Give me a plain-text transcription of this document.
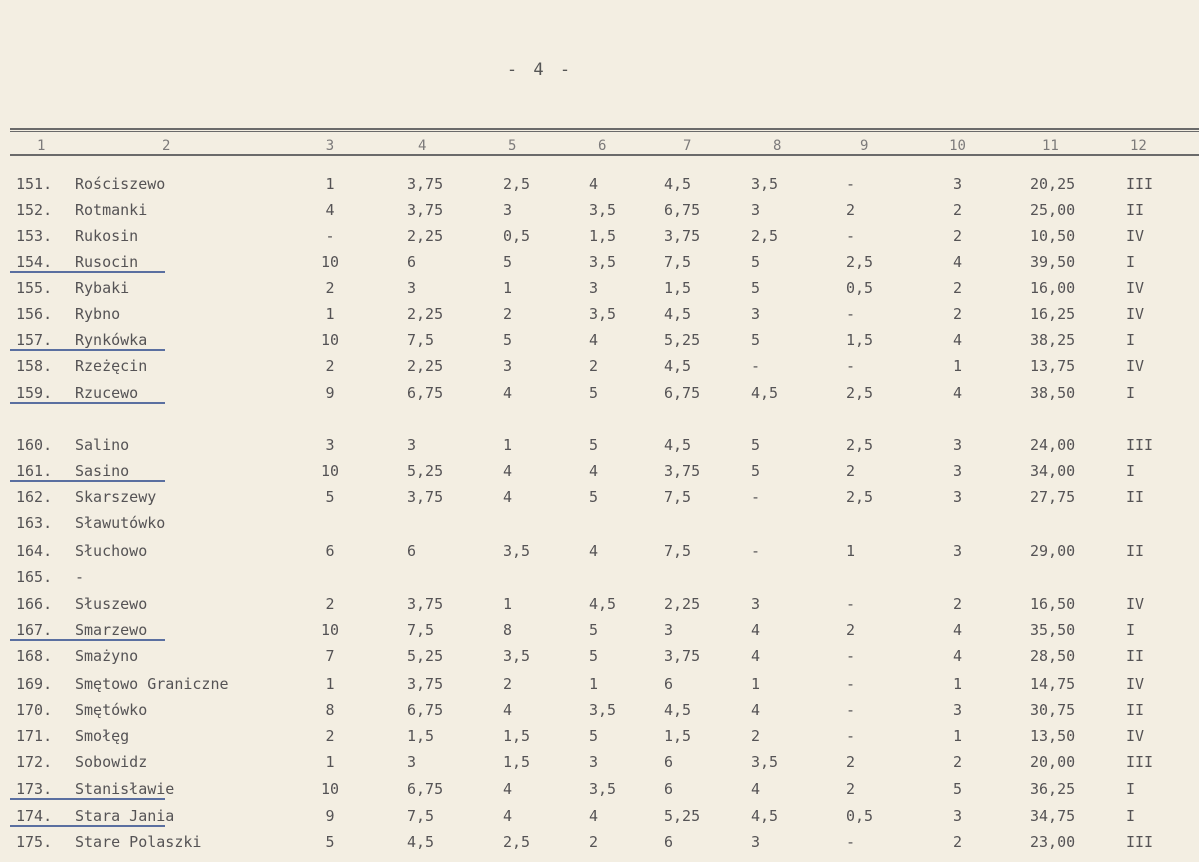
- 4 -
1	2	3	4	5	6	7	8	9	10	11	12
151. Rościszewo	1	3,75	2,5	4	4,5	3,5	-	3	20,25	III
152. Rotmanki	4	3,75	3	3,5	6,75	3	2	2	25,00	II
153. Rukosin	-	2,25	0,5	1,5	3,75	2,5	-	2	10,50	IV
154. Rusocin	10	6	5	3,5	7,5	5	2,5	4	39,50	I
155. Rybaki	2	3	1	3	1,5	5	0,5	2	16,00	IV
156. Rybno	1	2,25	2	3,5	4,5	3	-	2	16,25	IV
157. Rynkówka	10	7,5	5	4	5,25	5	1,5	4	38,25	I
158. Rzeżęcin	2	2,25	3	2	4,5	-	-	1	13,75	IV
159. Rzucewo	9	6,75	4	5	6,75	4,5	2,5	4	38,50	I
160. Salino	3	3	1	5	4,5	5	2,5	3	24,00	III
161. Sasino	10	5,25	4	4	3,75	5	2	3	34,00	I
162. Skarszewy	5	3,75	4	5	7,5	-	2,5	3	27,75	II
163. Sławutówko
164. Słuchowo	6	6	3,5	4	7,5	-	1	3	29,00	II
165. -
166. Słuszewo	2	3,75	1	4,5	2,25	3	-	2	16,50	IV
167. Smarzewo	10	7,5	8	5	3	4	2	4	35,50	I
168. Smażyno	7	5,25	3,5	5	3,75	4	-	4	28,50	II
169. Smętowo Graniczne	1	3,75	2	1	6	1	-	1	14,75	IV
170. Smętówko	8	6,75	4	3,5	4,5	4	-	3	30,75	II
171. Smołęg	2	1,5	1,5	5	1,5	2	-	1	13,50	IV
172. Sobowidz	1	3	1,5	3	6	3,5	2	2	20,00	III
173. Stanisławie	10	6,75	4	3,5	6	4	2	5	36,25	I
174. Stara Jania	9	7,5	4	4	5,25	4,5	0,5	3	34,75	I
175. Stare Polaszki	5	4,5	2,5	2	6	3	-	2	23,00	III
